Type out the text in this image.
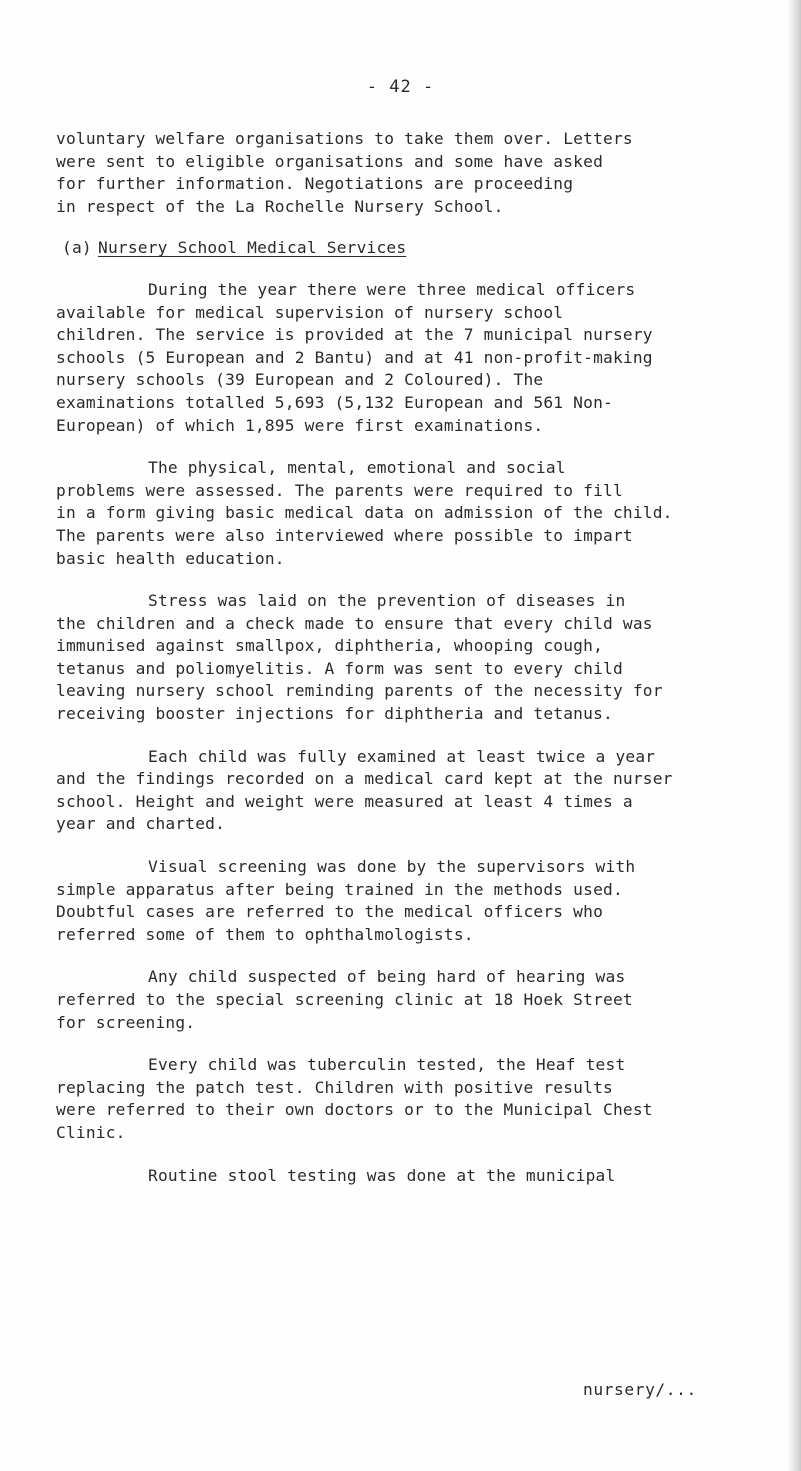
- 42 -
voluntary welfare organisations to take them over. Letters
were sent to eligible organisations and some have asked
for further information. Negotiations are proceeding
in respect of the La Rochelle Nursery School.
(a) Nursery School Medical Services
During the year there were three medical officers
available for medical supervision of nursery school
children. The service is provided at the 7 municipal nursery
schools (5 European and 2 Bantu) and at 41 non-profit-making
nursery schools (39 European and 2 Coloured). The
examinations totalled 5,693 (5,132 European and 561 Non-
European) of which 1,895 were first examinations.
The physical, mental, emotional and social
problems were assessed. The parents were required to fill
in a form giving basic medical data on admission of the child.
The parents were also interviewed where possible to impart
basic health education.
Stress was laid on the prevention of diseases in
the children and a check made to ensure that every child was
immunised against smallpox, diphtheria, whooping cough,
tetanus and poliomyelitis. A form was sent to every child
leaving nursery school reminding parents of the necessity for
receiving booster injections for diphtheria and tetanus.
Each child was fully examined at least twice a year
and the findings recorded on a medical card kept at the nurser
school. Height and weight were measured at least 4 times a
year and charted.
Visual screening was done by the supervisors with
simple apparatus after being trained in the methods used.
Doubtful cases are referred to the medical officers who
referred some of them to ophthalmologists.
Any child suspected of being hard of hearing was
referred to the special screening clinic at 18 Hoek Street
for screening.
Every child was tuberculin tested, the Heaf test
replacing the patch test. Children with positive results
were referred to their own doctors or to the Municipal Chest
Clinic.
Routine stool testing was done at the municipal
nursery/...
